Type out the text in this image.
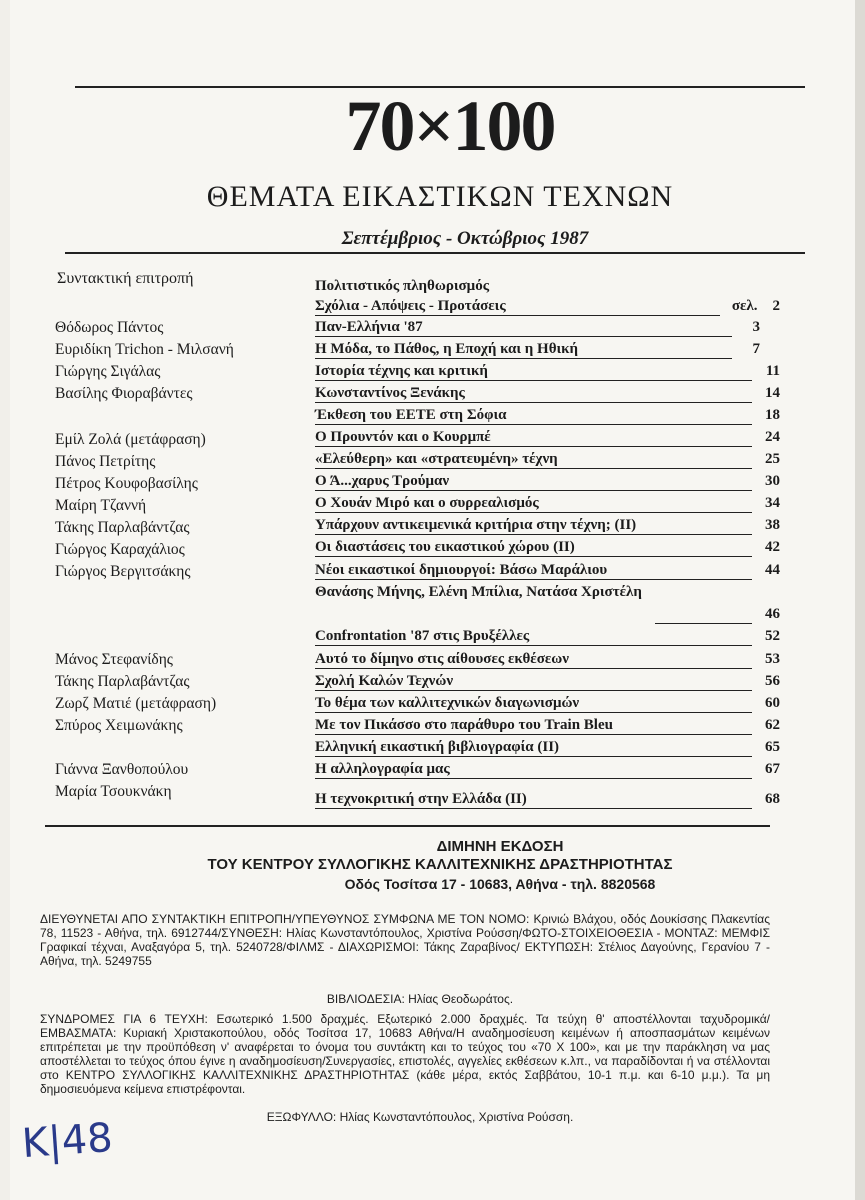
70×100
ΘΕΜΑΤΑ ΕΙΚΑΣΤΙΚΩΝ ΤΕΧΝΩΝ
Σεπτέμβριος - Οκτώβριος 1987
Συντακτική επιτροπή
Θόδωρος Πάντος
Ευριδίκη Trichon - Μιλσανή
Γιώργης Σιγάλας
Βασίλης Φιοραβάντες
Εμίλ Ζολά (μετάφραση)
Πάνος Πετρίτης
Πέτρος Κουφοβασίλης
Μαίρη Τζαννή
Τάκης Παρλαβάντζας
Γιώργος Καραχάλιος
Γιώργος Βεργιτσάκης
Μάνος Στεφανίδης
Τάκης Παρλαβάντζας
Ζωρζ Ματιέ (μετάφραση)
Σπύρος Χειμωνάκης
Γιάννα Ξανθοπούλου
Μαρία Τσουκνάκη
Πολιτιστικός πληθωρισμός
Σχόλια - Απόψεις - Προτάσεις	σελ. 2
Παν-Ελλήνια '87	3
Η Μόδα, το Πάθος, η Εποχή και η Ηθική	7
Ιστορία τέχνης και κριτική	11
Κωνσταντίνος Ξενάκης	14
Έκθεση του ΕΕΤΕ στη Σόφια	18
Ο Προυντόν και ο Κουρμπέ	24
«Ελεύθερη» και «στρατευμένη» τέχνη	25
Ο Ά...χαρυς Τρούμαν	30
Ο Χουάν Μιρό και ο συρρεαλισμός	34
Υπάρχουν αντικειμενικά κριτήρια στην τέχνη; (ΙΙ)	38
Οι διαστάσεις του εικαστικού χώρου (ΙΙ)	42
Νέοι εικαστικοί δημιουργοί: Βάσω Μαράλιου	44
Θανάσης Μήνης, Ελένη Μπίλια, Νατάσα Χριστέλη
46
Confrontation '87 στις Βρυξέλλες	52
Αυτό το δίμηνο στις αίθουσες εκθέσεων	53
Σχολή Καλών Τεχνών	56
Το θέμα των καλλιτεχνικών διαγωνισμών	60
Με τον Πικάσσο στο παράθυρο του Train Bleu	62
Ελληνική εικαστική βιβλιογραφία (ΙΙ)	65
Η αλληλογραφία μας	67
Η τεχνοκριτική στην Ελλάδα (ΙΙ)	68
ΔΙΜΗΝΗ ΕΚΔΟΣΗ
ΤΟΥ ΚΕΝΤΡΟΥ ΣΥΛΛΟΓΙΚΗΣ ΚΑΛΛΙΤΕΧΝΙΚΗΣ ΔΡΑΣΤΗΡΙΟΤΗΤΑΣ
Οδός Τοσίτσα 17 - 10683, Αθήνα - τηλ. 8820568
ΔΙΕΥΘΥΝΕΤΑΙ ΑΠΟ ΣΥΝΤΑΚΤΙΚΗ ΕΠΙΤΡΟΠΗ/ΥΠΕΥΘΥΝΟΣ ΣΥΜΦΩΝΑ ΜΕ ΤΟΝ ΝΟΜΟ: Κρινιώ Βλάχου, οδός Δουκίσσης Πλακεντίας 78, 11523 - Αθήνα, τηλ. 6912744/ΣΥΝΘΕΣΗ: Ηλίας Κωνσταντόπουλος, Χριστίνα Ρούσση/ΦΩΤΟ-ΣΤΟΙΧΕΙΟΘΕΣΙΑ - ΜΟΝΤΑΖ: ΜΕΜΦΙΣ Γραφικαί τέχναι, Αναξαγόρα 5, τηλ. 5240728/ΦΙΛΜΣ - ΔΙΑΧΩΡΙΣΜΟΙ: Τάκης Ζαραβίνος/ ΕΚΤΥΠΩΣΗ: Στέλιος Δαγούνης, Γερανίου 7 - Αθήνα, τηλ. 5249755
ΒΙΒΛΙΟΔΕΣΙΑ: Ηλίας Θεοδωράτος.
ΣΥΝΔΡΟΜΕΣ ΓΙΑ 6 ΤΕΥΧΗ: Εσωτερικό 1.500 δραχμές. Εξωτερικό 2.000 δραχμές. Τα τεύχη θ' αποστέλλονται ταχυδρομικά/ΕΜΒΑΣΜΑΤΑ: Κυριακή Χριστακοπούλου, οδός Τοσίτσα 17, 10683 Αθήνα/Η αναδημοσίευση κειμένων ή αποσπασμάτων κειμένων επιτρέπεται με την προϋπόθεση ν' αναφέρεται το όνομα του συντάκτη και το τεύχος του «70 Χ 100», και με την παράκληση να μας αποστέλλεται το τεύχος όπου έγινε η αναδημοσίευση/Συνεργασίες, επιστολές, αγγελίες εκθέσεων κ.λπ., να παραδίδονται ή να στέλλονται στο ΚΕΝΤΡΟ ΣΥΛΛΟΓΙΚΗΣ ΚΑΛΛΙΤΕΧΝΙΚΗΣ ΔΡΑΣΤΗΡΙΟΤΗΤΑΣ (κάθε μέρα, εκτός Σαββάτου, 10-1 π.μ. και 6-10 μ.μ.). Τα μη δημοσιευόμενα κείμενα επιστρέφονται.
ΕΞΩΦΥΛΛΟ: Ηλίας Κωνσταντόπουλος, Χριστίνα Ρούσση.
Κ|48
